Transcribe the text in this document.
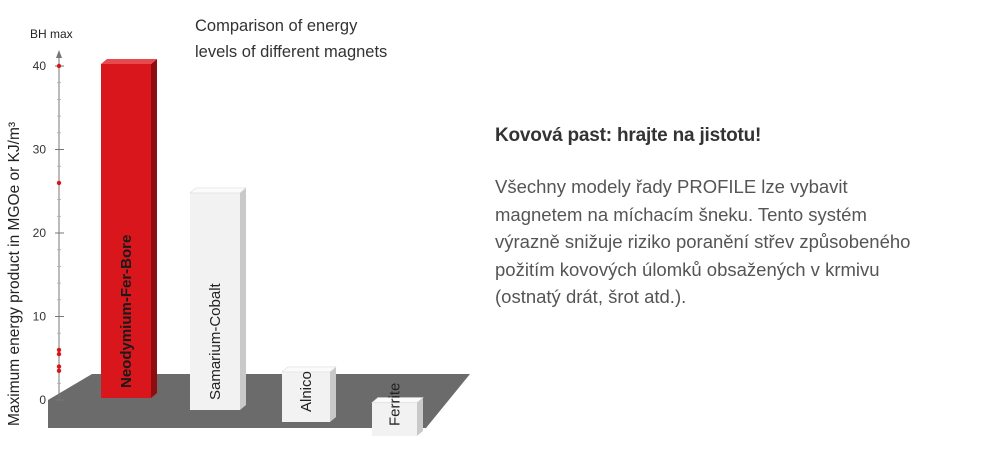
0
10
20
30
40
Neodymium-Fer-Bore	Samarium-Cobalt	Alnico	Ferrite
BH max	Comparison of energy
levels of different magnets
Maximum energy product in MGOe or KJ/m³	Kovová past: hrajte na jistotu!

Všechny modely řady PROFILE lze vybavit
magnetem na míchacím šneku. Tento systém
výrazně snižuje riziko poranění střev způsobeného
požitím kovových úlomků obsažených v krmivu
(ostnatý drát, šrot atd.).
